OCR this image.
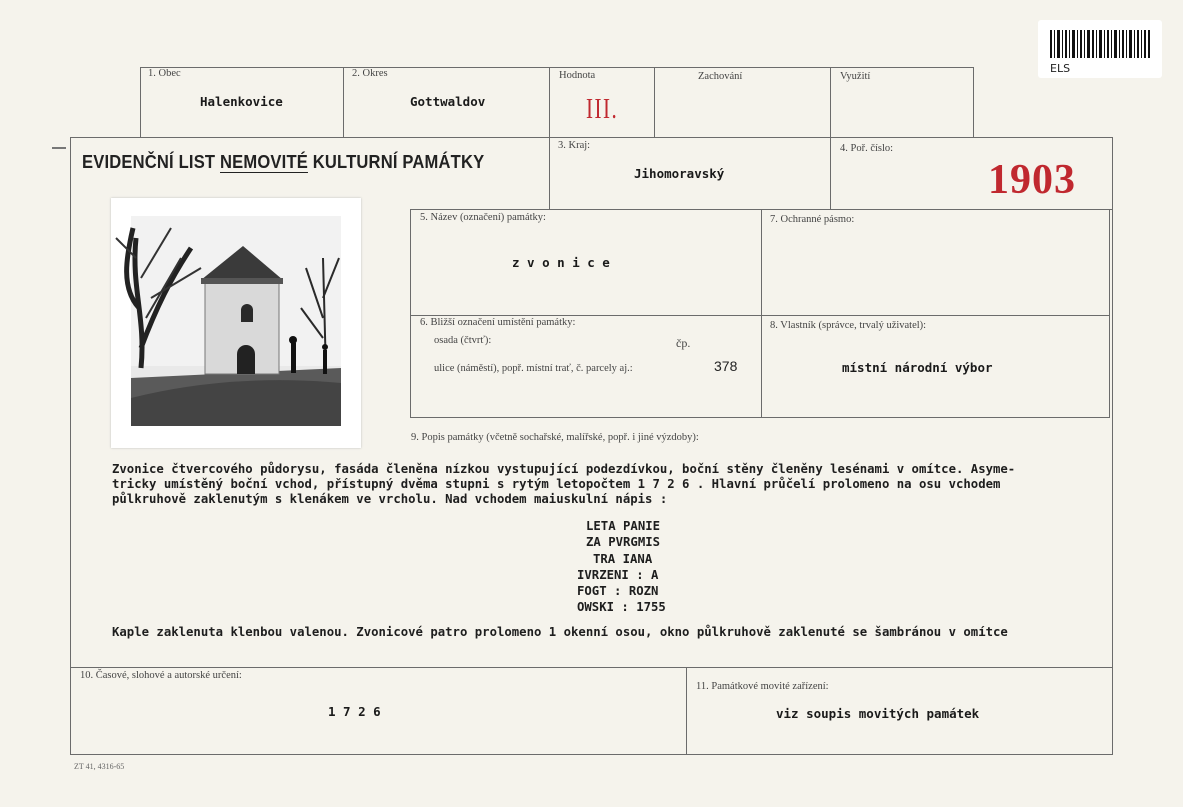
ELS
1. Obec
Halenkovice
2. Okres
Gottwaldov
Hodnota
III.
Zachování	Využití
EVIDENČNÍ LIST NEMOVITÉ KULTURNÍ PAMÁTKY
3. Kraj:
Jihomoravský
4. Poř. číslo:
1903
5. Název (označení) památky:
z v o n i c e
7. Ochranné pásmo:
6. Bližší označení umístění památky:
osada (čtvrť):	čp.
ulice (náměstí), popř. místní trať, č. parcely aj.:	378
8. Vlastník (správce, trvalý uživatel):
místní národní výbor
9. Popis památky (včetně sochařské, malířské, popř. i jiné výzdoby):

Zvonice čtvercového půdorysu, fasáda členěna nízkou vystupující podezdívkou, boční stěny členěny lesénami v omítce. Asyme-

tricky umístěný boční vchod, přístupný dvěma stupni s rytým letopočtem 1 7 2 6 . Hlavní průčelí prolomeno na osu vchodem

půlkruhově zaklenutým s klenákem ve vrcholu. Nad vchodem maiuskulní nápis :

LETA PANIE
ZA PVRGMIS
TRA IANA
IVRZENI : A
FOGT : ROZN
OWSKI : 1755
Kaple zaklenuta klenbou valenou. Zvonicové patro prolomeno 1 okenní osou, okno půlkruhově zaklenuté se šambránou v omítce
10. Časové, slohové a autorské určení:
1 7 2 6
11. Památkové movité zařízení:
viz soupis movitých památek
ZT 41, 4316-65
